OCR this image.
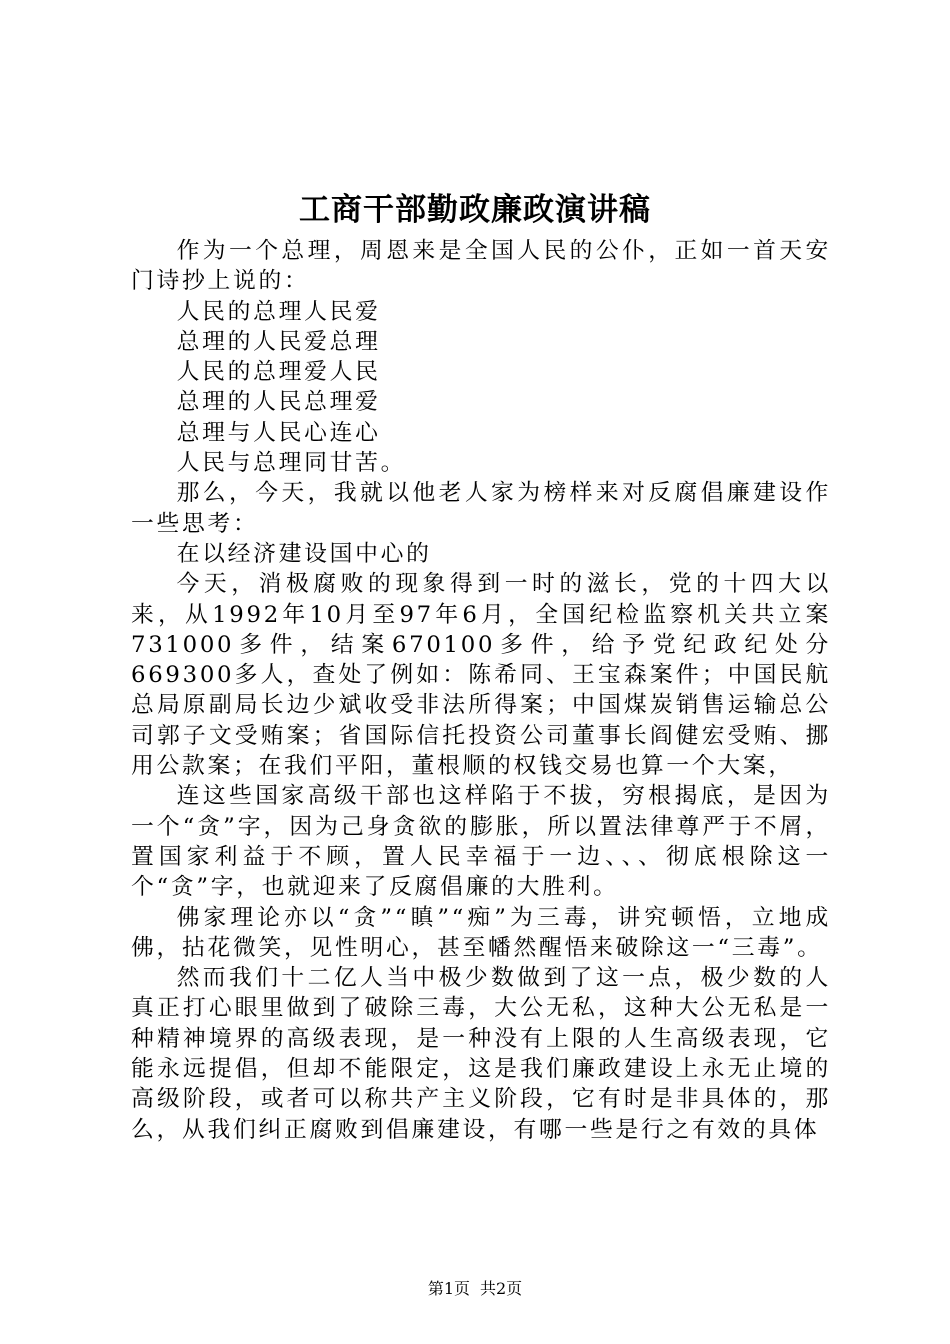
工商干部勤政廉政演讲稿

作为一个总理，周恩来是全国人民的公仆，正如一首天安门诗抄上说的：

人民的总理人民爱

总理的人民爱总理

人民的总理爱人民

总理的人民总理爱

总理与人民心连心

人民与总理同甘苦。

那么，今天，我就以他老人家为榜样来对反腐倡廉建设作一些思考：

在以经济建设国中心的

今天，消极腐败的现象得到一时的滋长，党的十四大以来，从1992年10月至97年6月，全国纪检监察机关共立案731000多件，结案670100多件，给予党纪政纪处分669300多人，查处了例如：陈希同、王宝森案件；中国民航总局原副局长边少斌收受非法所得案；中国煤炭销售运输总公司郭子文受贿案；省国际信托投资公司董事长阎健宏受贿、挪用公款案；在我们平阳，董根顺的权钱交易也算一个大案，

连这些国家高级干部也这样陷于不拔，穷根揭底，是因为一个“贪”字，因为己身贪欲的膨胀，所以置法律尊严于不屑，置国家利益于不顾，置人民幸福于一边、、、彻底根除这一个“贪”字，也就迎来了反腐倡廉的大胜利。

佛家理论亦以“贪”“瞋”“痴”为三毒，讲究顿悟，立地成佛，拈花微笑，见性明心，甚至幡然醒悟来破除这一“三毒”。

然而我们十二亿人当中极少数做到了这一点，极少数的人真正打心眼里做到了破除三毒，大公无私，这种大公无私是一种精神境界的高级表现，是一种没有上限的人生高级表现，它能永远提倡，但却不能限定，这是我们廉政建设上永无止境的高级阶段，或者可以称共产主义阶段，它有时是非具体的，那么，从我们纠正腐败到倡廉建设，有哪一些是行之有效的具体

第1页 共2页
